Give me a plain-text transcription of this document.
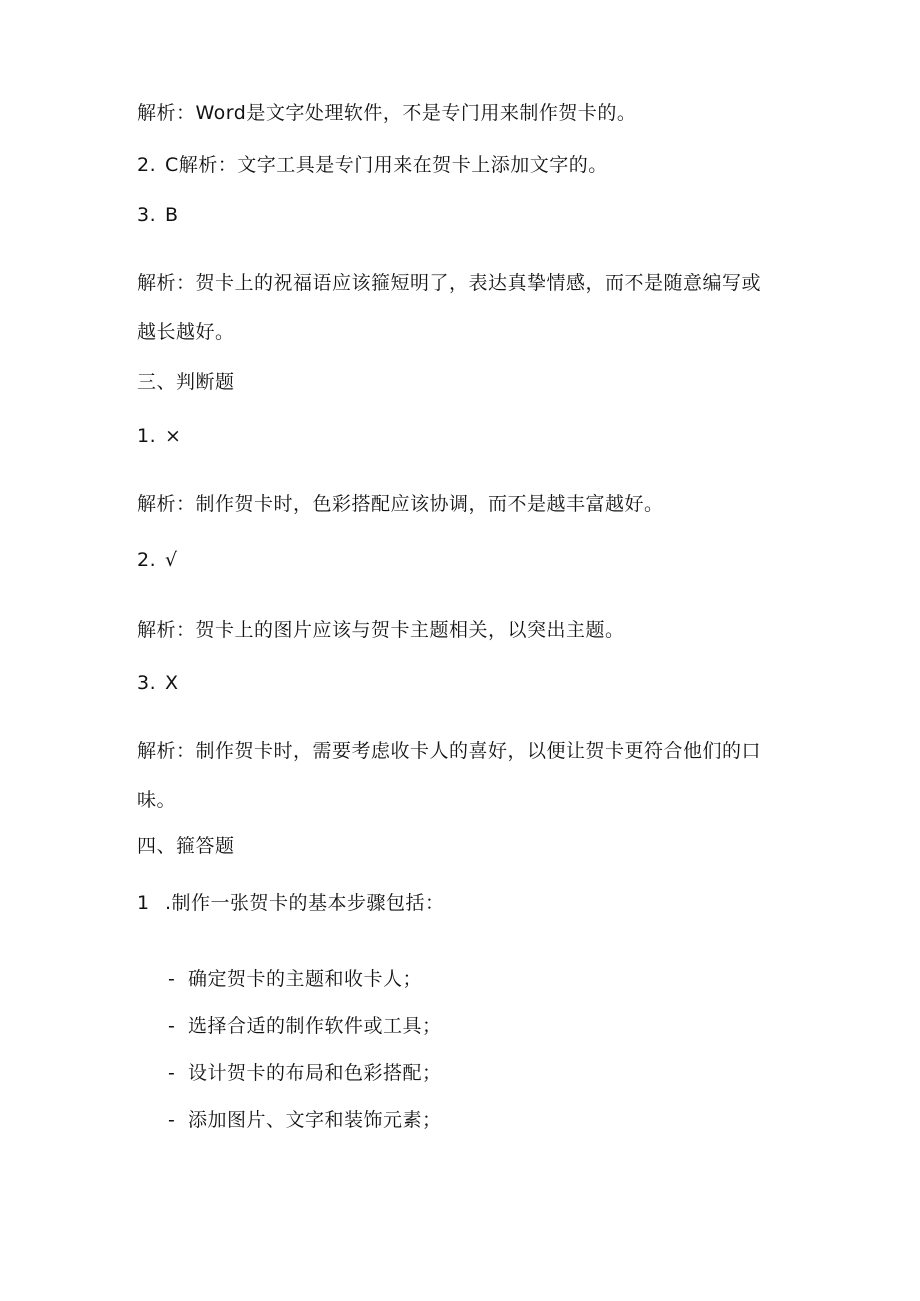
解析：Word是文字处理软件，不是专门用来制作贺卡的。
2. C解析：文字工具是专门用来在贺卡上添加文字的。
3. B
解析：贺卡上的祝福语应该箍短明了，表达真挚情感，而不是随意编写或
越长越好。
三、判断题
1. ×
解析：制作贺卡时，色彩搭配应该协调，而不是越丰富越好。
2. √
解析：贺卡上的图片应该与贺卡主题相关，以突出主题。
3. X
解析：制作贺卡时，需要考虑收卡人的喜好，以便让贺卡更符合他们的口
味。
四、箍答题
1 .制作一张贺卡的基本步骤包括：
- 确定贺卡的主题和收卡人；
- 选择合适的制作软件或工具；
- 设计贺卡的布局和色彩搭配；
- 添加图片、文字和装饰元素；
